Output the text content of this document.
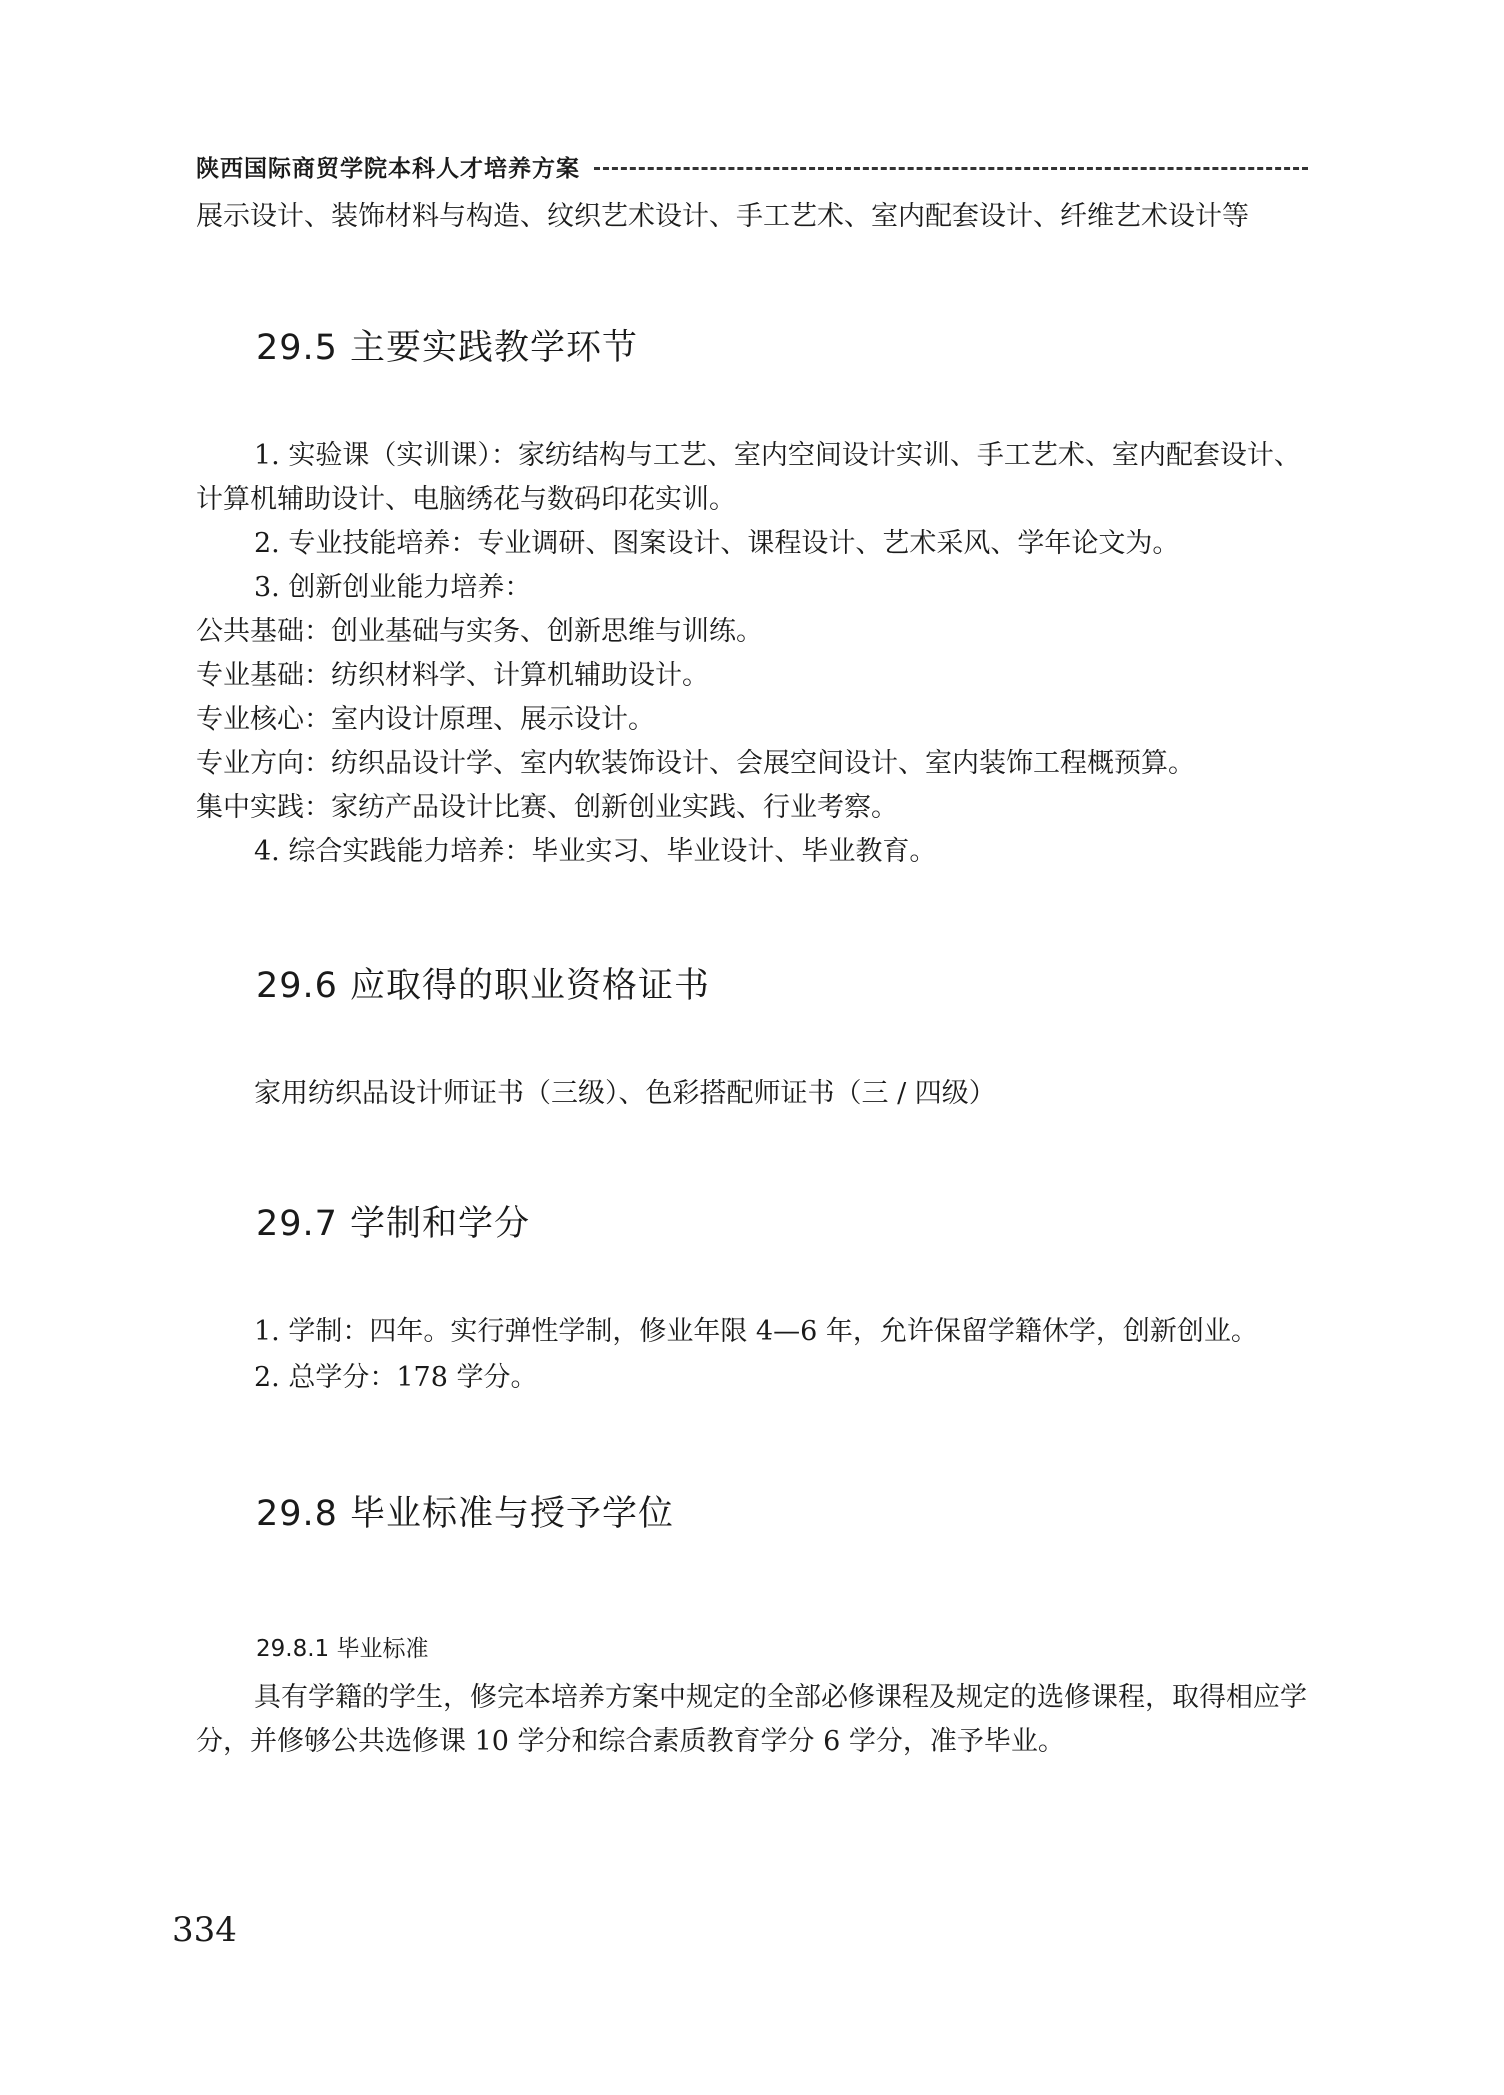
陕西国际商贸学院本科人才培养方案
展示设计、装饰材料与构造、纹织艺术设计、手工艺术、室内配套设计、纤维艺术设计等
29.5 主要实践教学环节
1. 实验课（实训课）：家纺结构与工艺、室内空间设计实训、手工艺术、室内配套设计、计算机辅助设计、电脑绣花与数码印花实训。
2. 专业技能培养：专业调研、图案设计、课程设计、艺术采风、学年论文为。
3. 创新创业能力培养：
公共基础：创业基础与实务、创新思维与训练。
专业基础：纺织材料学、计算机辅助设计。
专业核心：室内设计原理、展示设计。
专业方向：纺织品设计学、室内软装饰设计、会展空间设计、室内装饰工程概预算。
集中实践：家纺产品设计比赛、创新创业实践、行业考察。
4. 综合实践能力培养：毕业实习、毕业设计、毕业教育。
29.6 应取得的职业资格证书
家用纺织品设计师证书（三级）、色彩搭配师证书（三 / 四级）
29.7 学制和学分
1. 学制：四年。实行弹性学制，修业年限 4—6 年，允许保留学籍休学，创新创业。
2. 总学分：178 学分。
29.8 毕业标准与授予学位
29.8.1 毕业标准
具有学籍的学生，修完本培养方案中规定的全部必修课程及规定的选修课程，取得相应学分，并修够公共选修课 10 学分和综合素质教育学分 6 学分，准予毕业。
334
